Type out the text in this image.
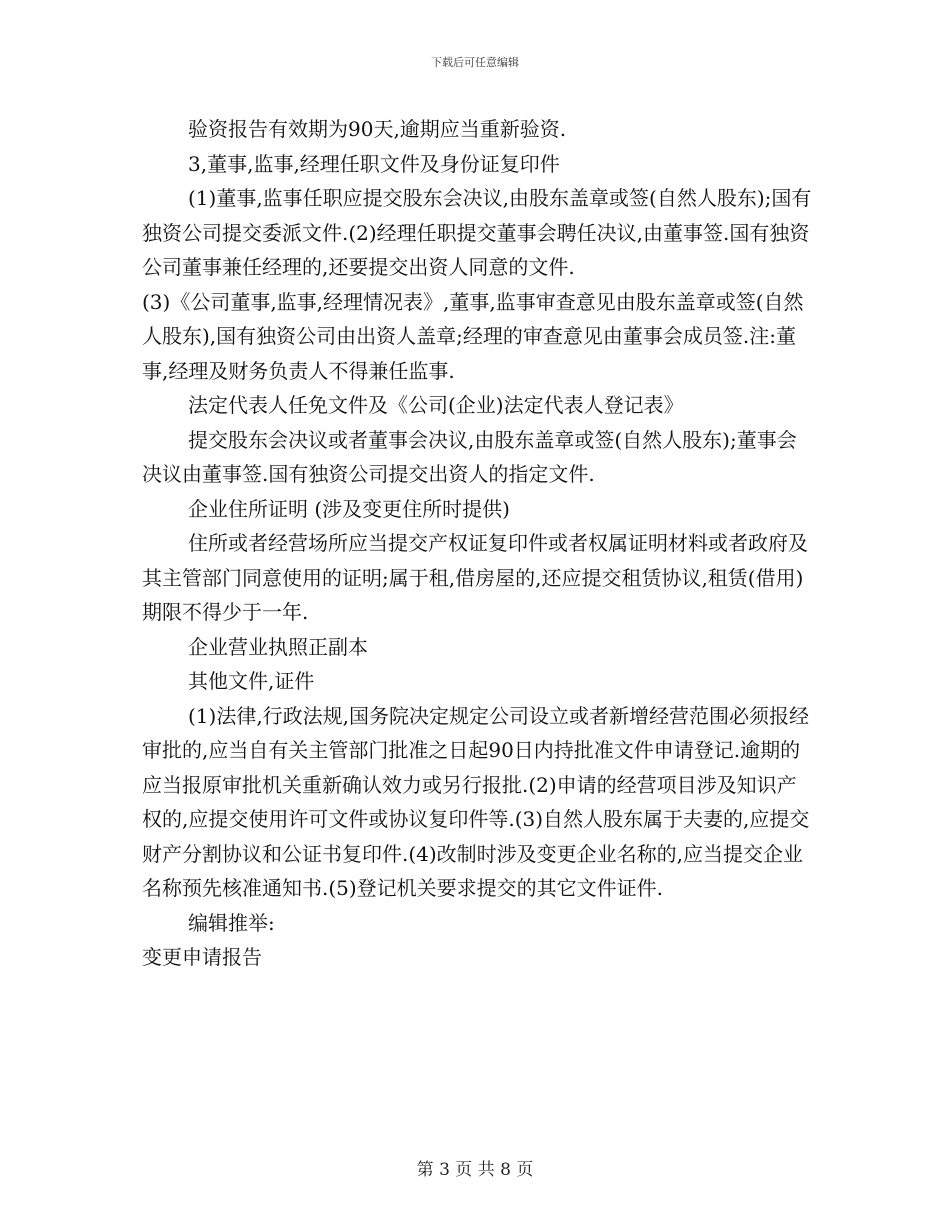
下载后可任意编辑

验资报告有效期为90天,逾期应当重新验资.

3,董事,监事,经理任职文件及身份证复印件

(1)董事,监事任职应提交股东会决议,由股东盖章或签(自然人股东);国有独资公司提交委派文件.(2)经理任职提交董事会聘任决议,由董事签.国有独资公司董事兼任经理的,还要提交出资人同意的文件.

(3)《公司董事,监事,经理情况表》,董事,监事审查意见由股东盖章或签(自然人股东),国有独资公司由出资人盖章;经理的审查意见由董事会成员签.注:董事,经理及财务负责人不得兼任监事.

法定代表人任免文件及《公司(企业)法定代表人登记表》

提交股东会决议或者董事会决议,由股东盖章或签(自然人股东);董事会决议由董事签.国有独资公司提交出资人的指定文件.

企业住所证明 (涉及变更住所时提供)

住所或者经营场所应当提交产权证复印件或者权属证明材料或者政府及其主管部门同意使用的证明;属于租,借房屋的,还应提交租赁协议,租赁(借用)期限不得少于一年.

企业营业执照正副本

其他文件,证件

(1)法律,行政法规,国务院决定规定公司设立或者新增经营范围必须报经审批的,应当自有关主管部门批准之日起90日内持批准文件申请登记.逾期的应当报原审批机关重新确认效力或另行报批.(2)申请的经营项目涉及知识产权的,应提交使用许可文件或协议复印件等.(3)自然人股东属于夫妻的,应提交财产分割协议和公证书复印件.(4)改制时涉及变更企业名称的,应当提交企业名称预先核准通知书.(5)登记机关要求提交的其它文件证件.

编辑推举:

变更申请报告

第 3 页 共 8 页
